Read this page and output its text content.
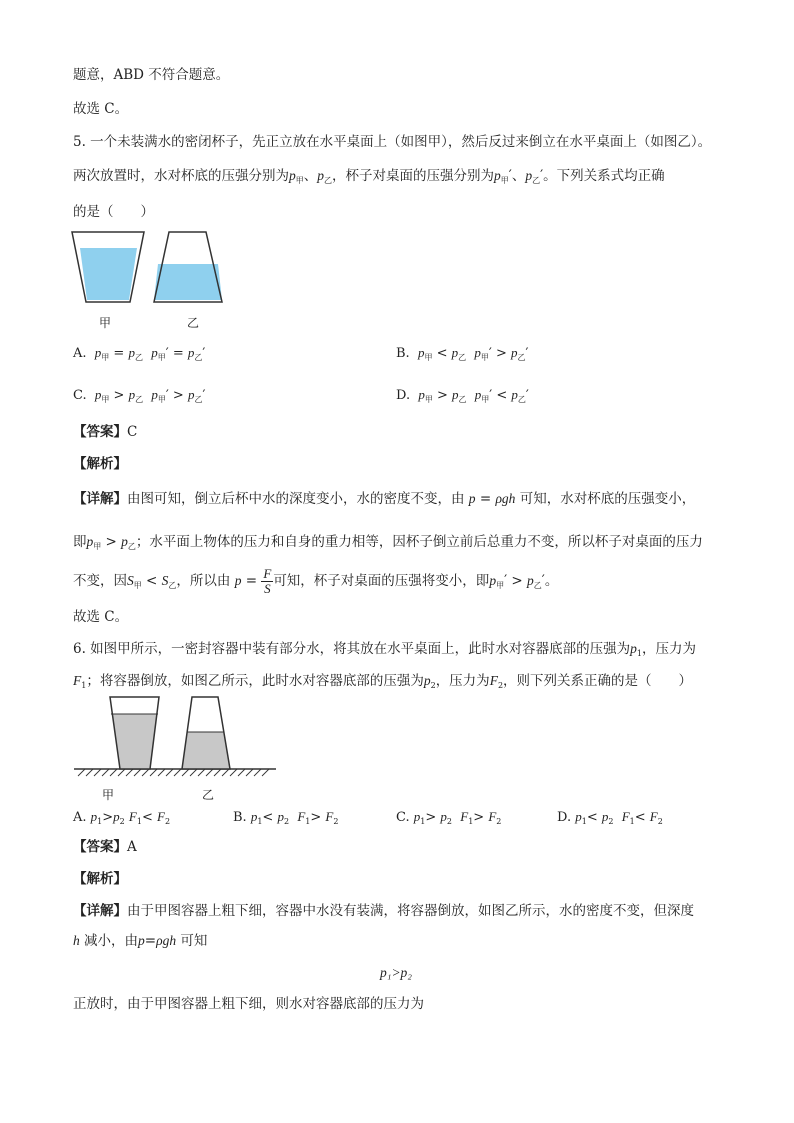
题意，ABD 不符合题意。
故选 C。
5. 一个未装满水的密闭杯子，先正立放在水平桌面上（如图甲），然后反过来倒立在水平桌面上（如图乙）。
两次放置时，水对杯底的压强分别为$p_甲$、$p_乙$，杯子对桌面的压强分别为$p_甲'$、$p_乙'$。下列关系式均正确
的是（　　）
甲	乙
A. $p_甲 = p_乙$ $p_甲' = p_乙'$	B. $p_甲 < p_乙$ $p_甲' > p_乙'$
C. $p_甲 > p_乙$ $p_甲' > p_乙'$	D. $p_甲 > p_乙$ $p_甲' < p_乙'$
【答案】C
【解析】
【详解】由图可知，倒立后杯中水的深度变小，水的密度不变，由 p = ρgh 可知，水对杯底的压强变小，
即$p_甲 > p_乙$；水平面上物体的压力和自身的重力相等，因杯子倒立前后总重力不变，所以杯子对桌面的压力
不变，因$S_甲 < S_乙$，所以由 $p = \frac{F}{S}$ 可知，杯子对桌面的压强将变小，即$p_甲' > p_乙'$。
故选 C。
6. 如图甲所示，一密封容器中装有部分水，将其放在水平桌面上，此时水对容器底部的压强为$p_1$，压力为
$F_1$；将容器倒放，如图乙所示，此时水对容器底部的压强为$p_2$，压力为$F_2$，则下列关系正确的是（　　）
甲	乙
A. $p_1>p_2$ $F_1< F_2$	B. $p_1< p_2$ $F_1> F_2$	C. $p_1> p_2$ $F_1> F_2$	D. $p_1< p_2$ $F_1< F_2$
【答案】A
【解析】
【详解】由于甲图容器上粗下细，容器中水没有装满，将容器倒放，如图乙所示，水的密度不变，但深度
h 减小，由p=ρgh 可知
p₁>p₂
正放时，由于甲图容器上粗下细，则水对容器底部的压力为
